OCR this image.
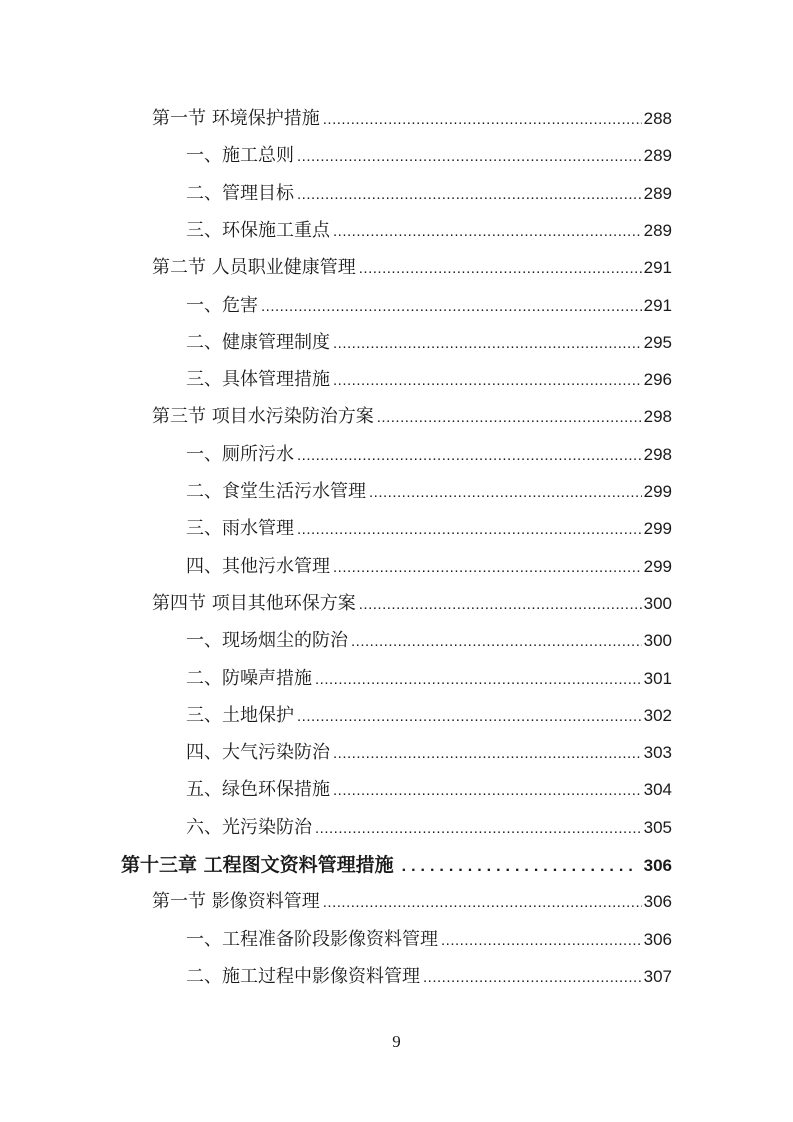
第一节 环境保护措施 .....	288
一、施工总则 .....	289
二、管理目标 .....	289
三、环保施工重点 .....	289
第二节 人员职业健康管理 .....	291
一、危害 .....	291
二、健康管理制度 .....	295
三、具体管理措施 .....	296
第三节 项目水污染防治方案 .....	298
一、厕所污水 .....	298
二、食堂生活污水管理 .....	299
三、雨水管理 .....	299
四、其他污水管理 .....	299
第四节 项目其他环保方案 .....	300
一、现场烟尘的防治 .....	300
二、防噪声措施 .....	301
三、土地保护 .....	302
四、大气污染防治 .....	303
五、绿色环保措施 .....	304
六、光污染防治 .....	305
第十三章 工程图文资料管理措施 .....	306
第一节 影像资料管理 .....	306
一、工程准备阶段影像资料管理 .....	306
二、施工过程中影像资料管理 .....	307
9
